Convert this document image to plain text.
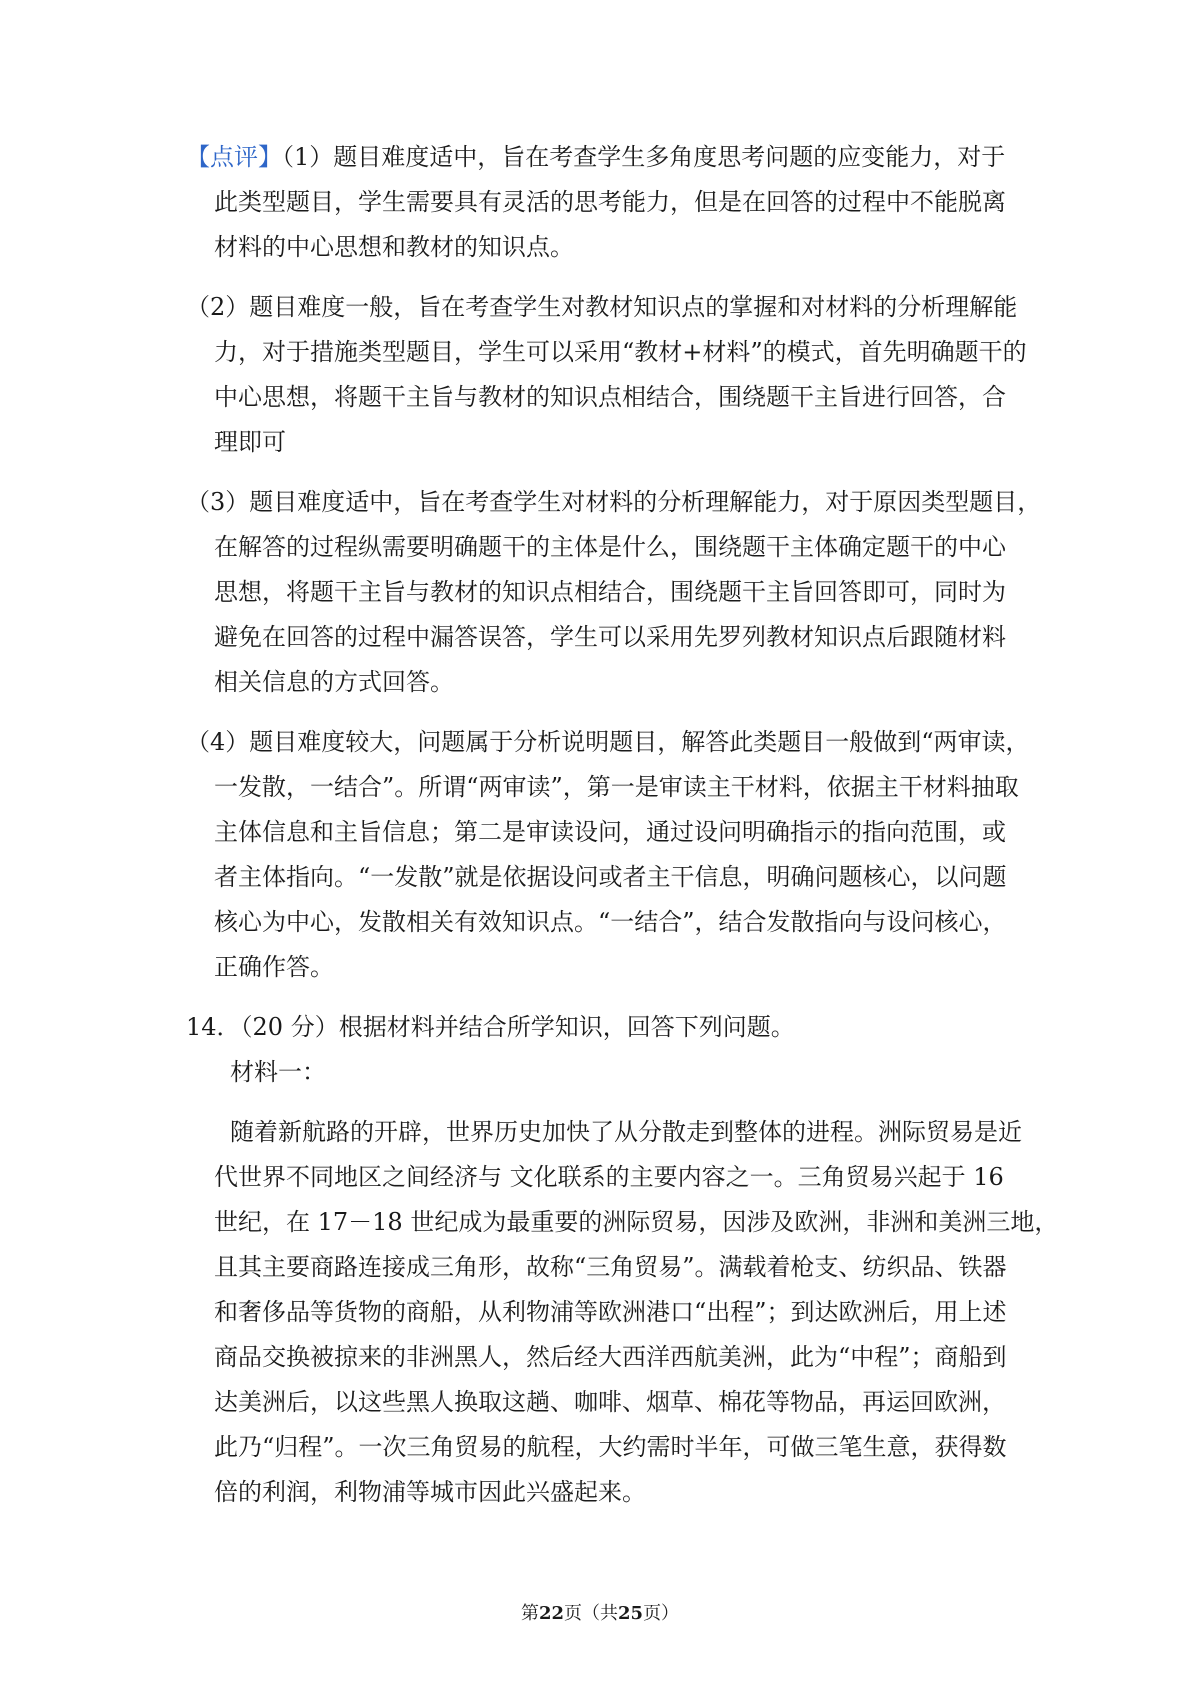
【点评】（1）题目难度适中，旨在考查学生多角度思考问题的应变能力，对于
此类型题目，学生需要具有灵活的思考能力，但是在回答的过程中不能脱离
材料的中心思想和教材的知识点。
（2）题目难度一般，旨在考查学生对教材知识点的掌握和对材料的分析理解能
力，对于措施类型题目，学生可以采用“教材+材料”的模式，首先明确题干的
中心思想，将题干主旨与教材的知识点相结合，围绕题干主旨进行回答，合
理即可
（3）题目难度适中，旨在考查学生对材料的分析理解能力，对于原因类型题目，
在解答的过程纵需要明确题干的主体是什么，围绕题干主体确定题干的中心
思想，将题干主旨与教材的知识点相结合，围绕题干主旨回答即可，同时为
避免在回答的过程中漏答误答，学生可以采用先罗列教材知识点后跟随材料
相关信息的方式回答。
（4）题目难度较大，问题属于分析说明题目，解答此类题目一般做到“两审读，
一发散，一结合”。所谓“两审读”，第一是审读主干材料，依据主干材料抽取
主体信息和主旨信息；第二是审读设问，通过设问明确指示的指向范围，或
者主体指向。“一发散”就是依据设问或者主干信息，明确问题核心，以问题
核心为中心，发散相关有效知识点。“一结合”，结合发散指向与设问核心，
正确作答。
14．（20 分）根据材料并结合所学知识，回答下列问题。
材料一：
随着新航路的开辟，世界历史加快了从分散走到整体的进程。洲际贸易是近
代世界不同地区之间经济与 文化联系的主要内容之一。三角贸易兴起于 16
世纪，在 17－18 世纪成为最重要的洲际贸易，因涉及欧洲，非洲和美洲三地，
且其主要商路连接成三角形，故称“三角贸易”。满载着枪支、纺织品、铁器
和奢侈品等货物的商船，从利物浦等欧洲港口“出程”；到达欧洲后，用上述
商品交换被掠来的非洲黑人，然后经大西洋西航美洲，此为“中程”；商船到
达美洲后，以这些黑人换取这趟、咖啡、烟草、棉花等物品，再运回欧洲，
此乃“归程”。一次三角贸易的航程，大约需时半年，可做三笔生意，获得数
倍的利润，利物浦等城市因此兴盛起来。
第22页（共25页）
